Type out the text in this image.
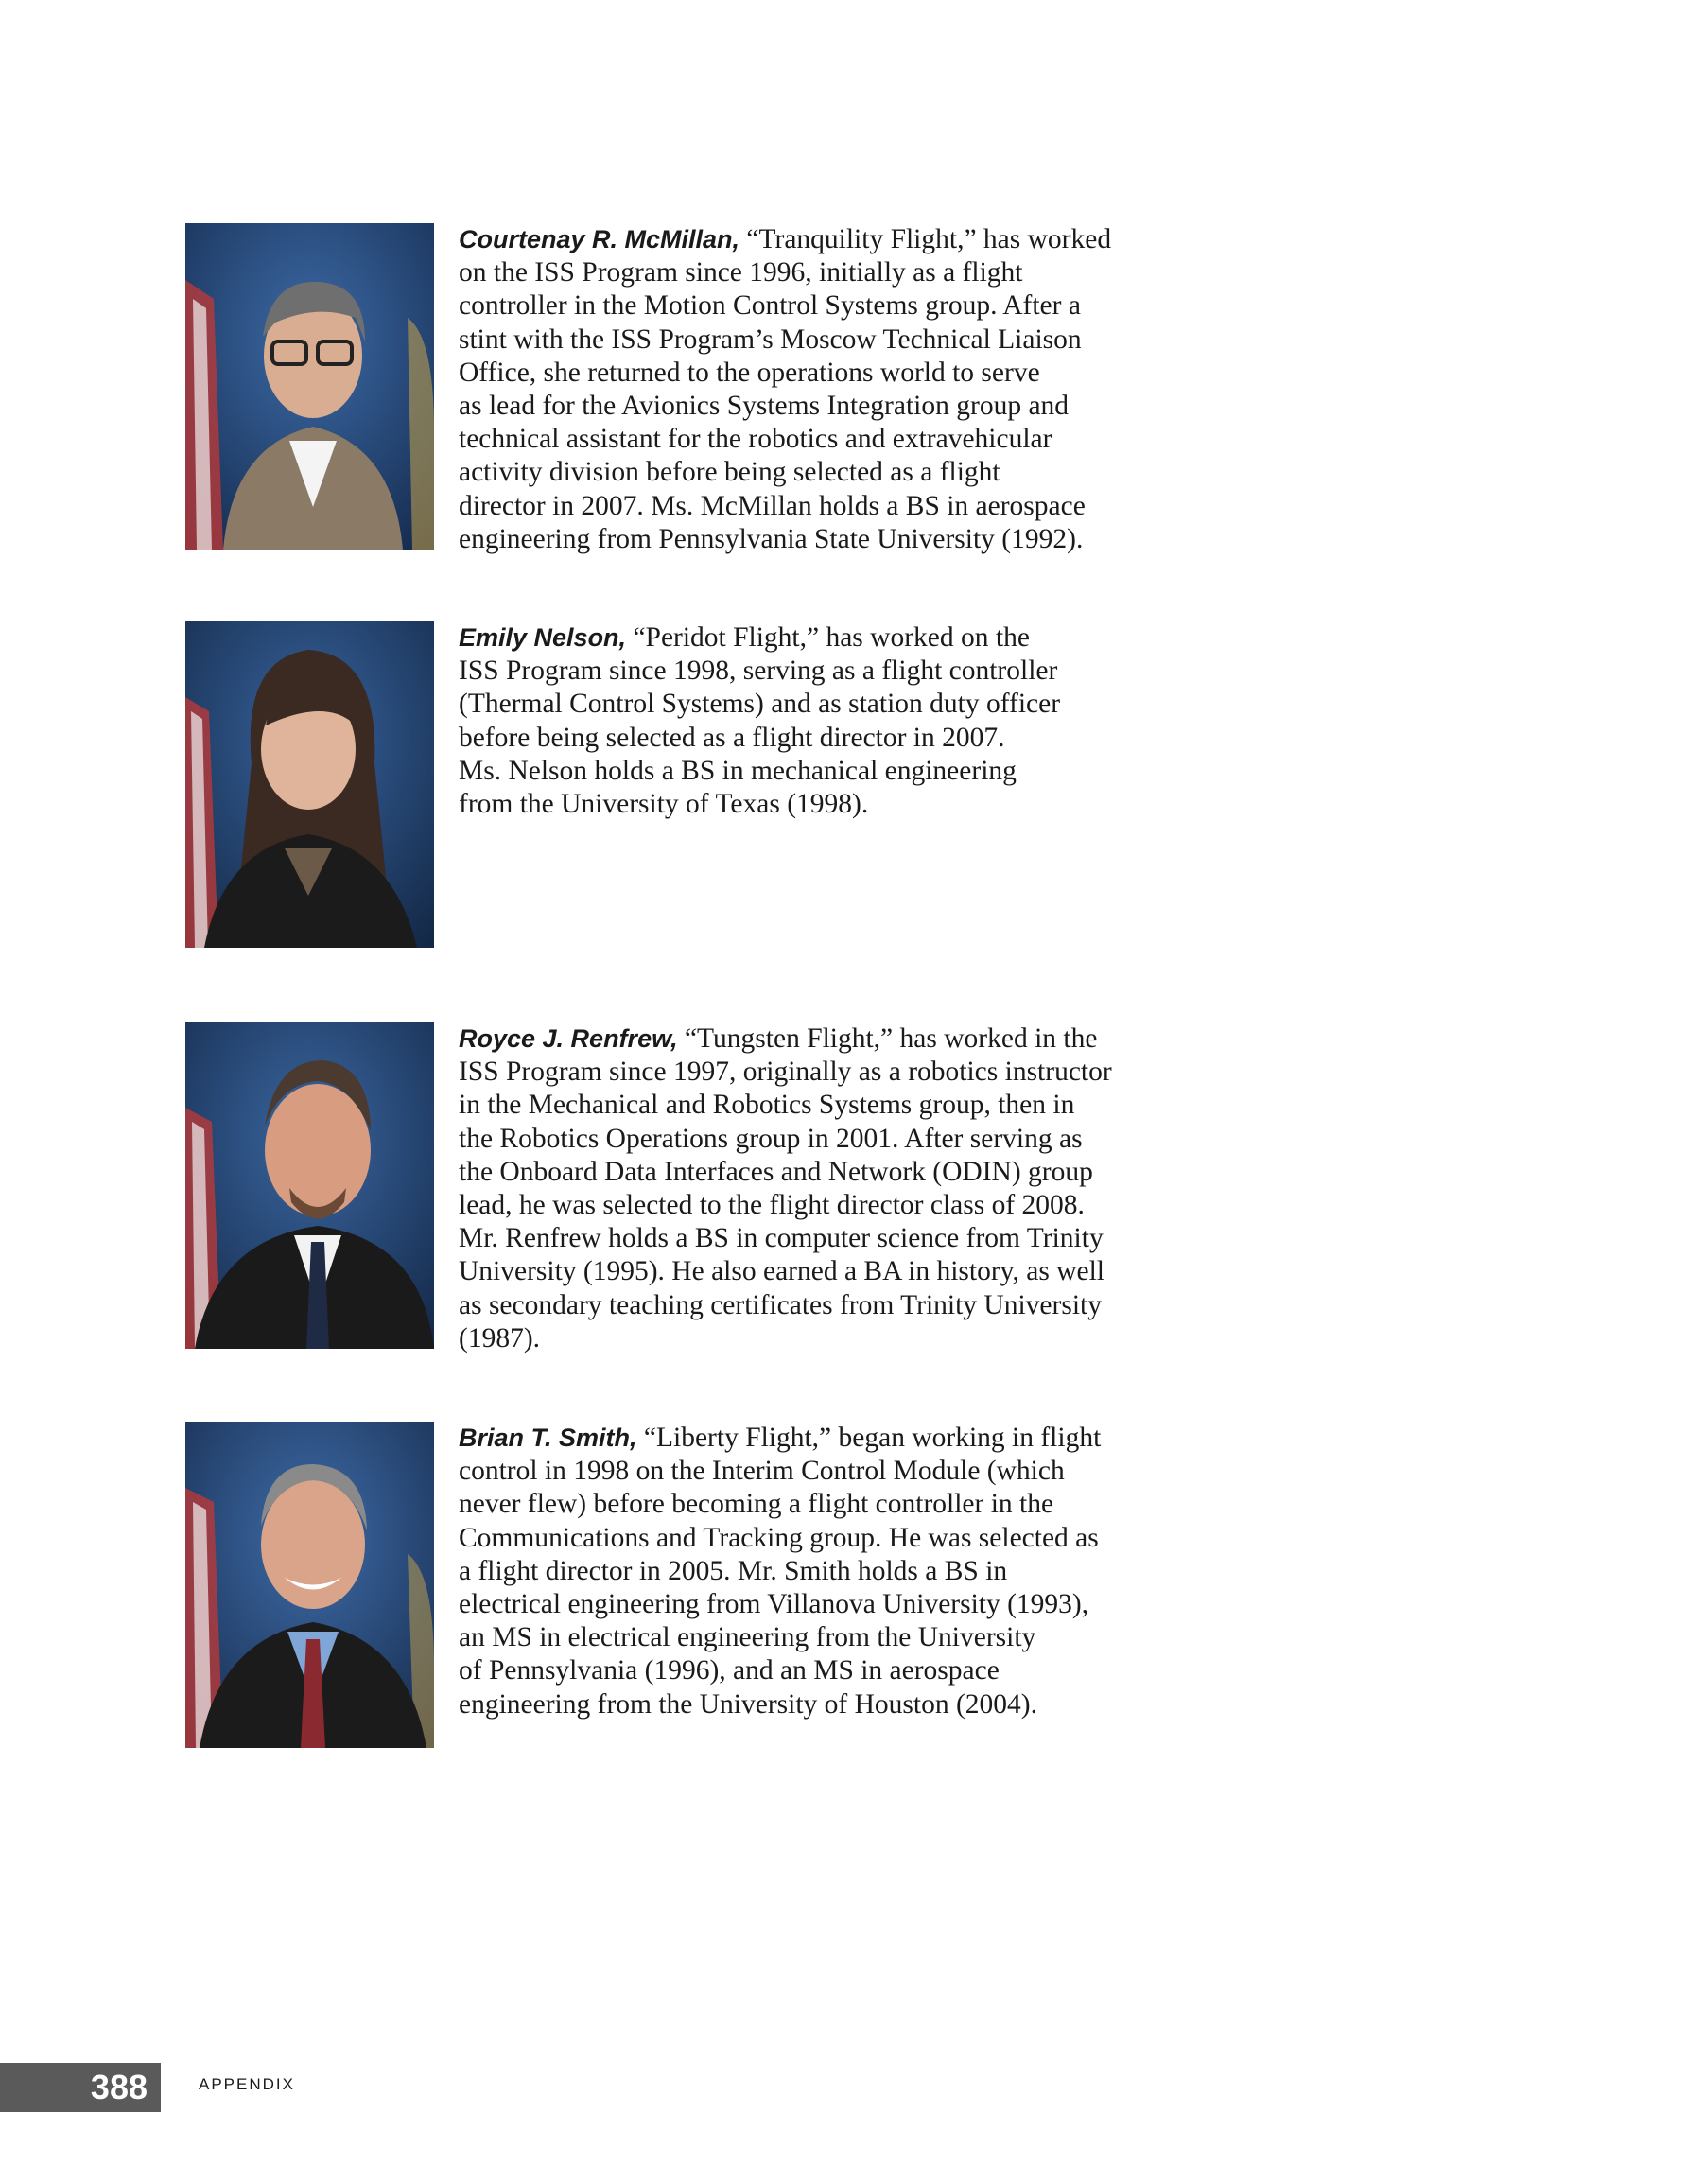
Courtenay R. McMillan, “Tranquility Flight,” has worked
on the ISS Program since 1996, initially as a flight
controller in the Motion Control Systems group. After a
stint with the ISS Program’s Moscow Technical Liaison
Office, she returned to the operations world to serve
as lead for the Avionics Systems Integration group and
technical assistant for the robotics and extravehicular
activity division before being selected as a flight
director in 2007. Ms. McMillan holds a BS in aerospace
engineering from Pennsylvania State University (1992).

Emily Nelson, “Peridot Flight,” has worked on the
ISS Program since 1998, serving as a flight controller
(Thermal Control Systems) and as station duty officer
before being selected as a flight director in 2007.
Ms. Nelson holds a BS in mechanical engineering
from the University of Texas (1998).

Royce J. Renfrew, “Tungsten Flight,” has worked in the
ISS Program since 1997, originally as a robotics instructor
in the Mechanical and Robotics Systems group, then in
the Robotics Operations group in 2001. After serving as
the Onboard Data Interfaces and Network (ODIN) group
lead, he was selected to the flight director class of 2008.
Mr. Renfrew holds a BS in computer science from Trinity
University (1995). He also earned a BA in history, as well
as secondary teaching certificates from Trinity University
(1987).

Brian T. Smith, “Liberty Flight,” began working in flight
control in 1998 on the Interim Control Module (which
never flew) before becoming a flight controller in the
Communications and Tracking group. He was selected as
a flight director in 2005. Mr. Smith holds a BS in
electrical engineering from Villanova University (1993),
an MS in electrical engineering from the University
of Pennsylvania (1996), and an MS in aerospace
engineering from the University of Houston (2004).

388	APPENDIX
